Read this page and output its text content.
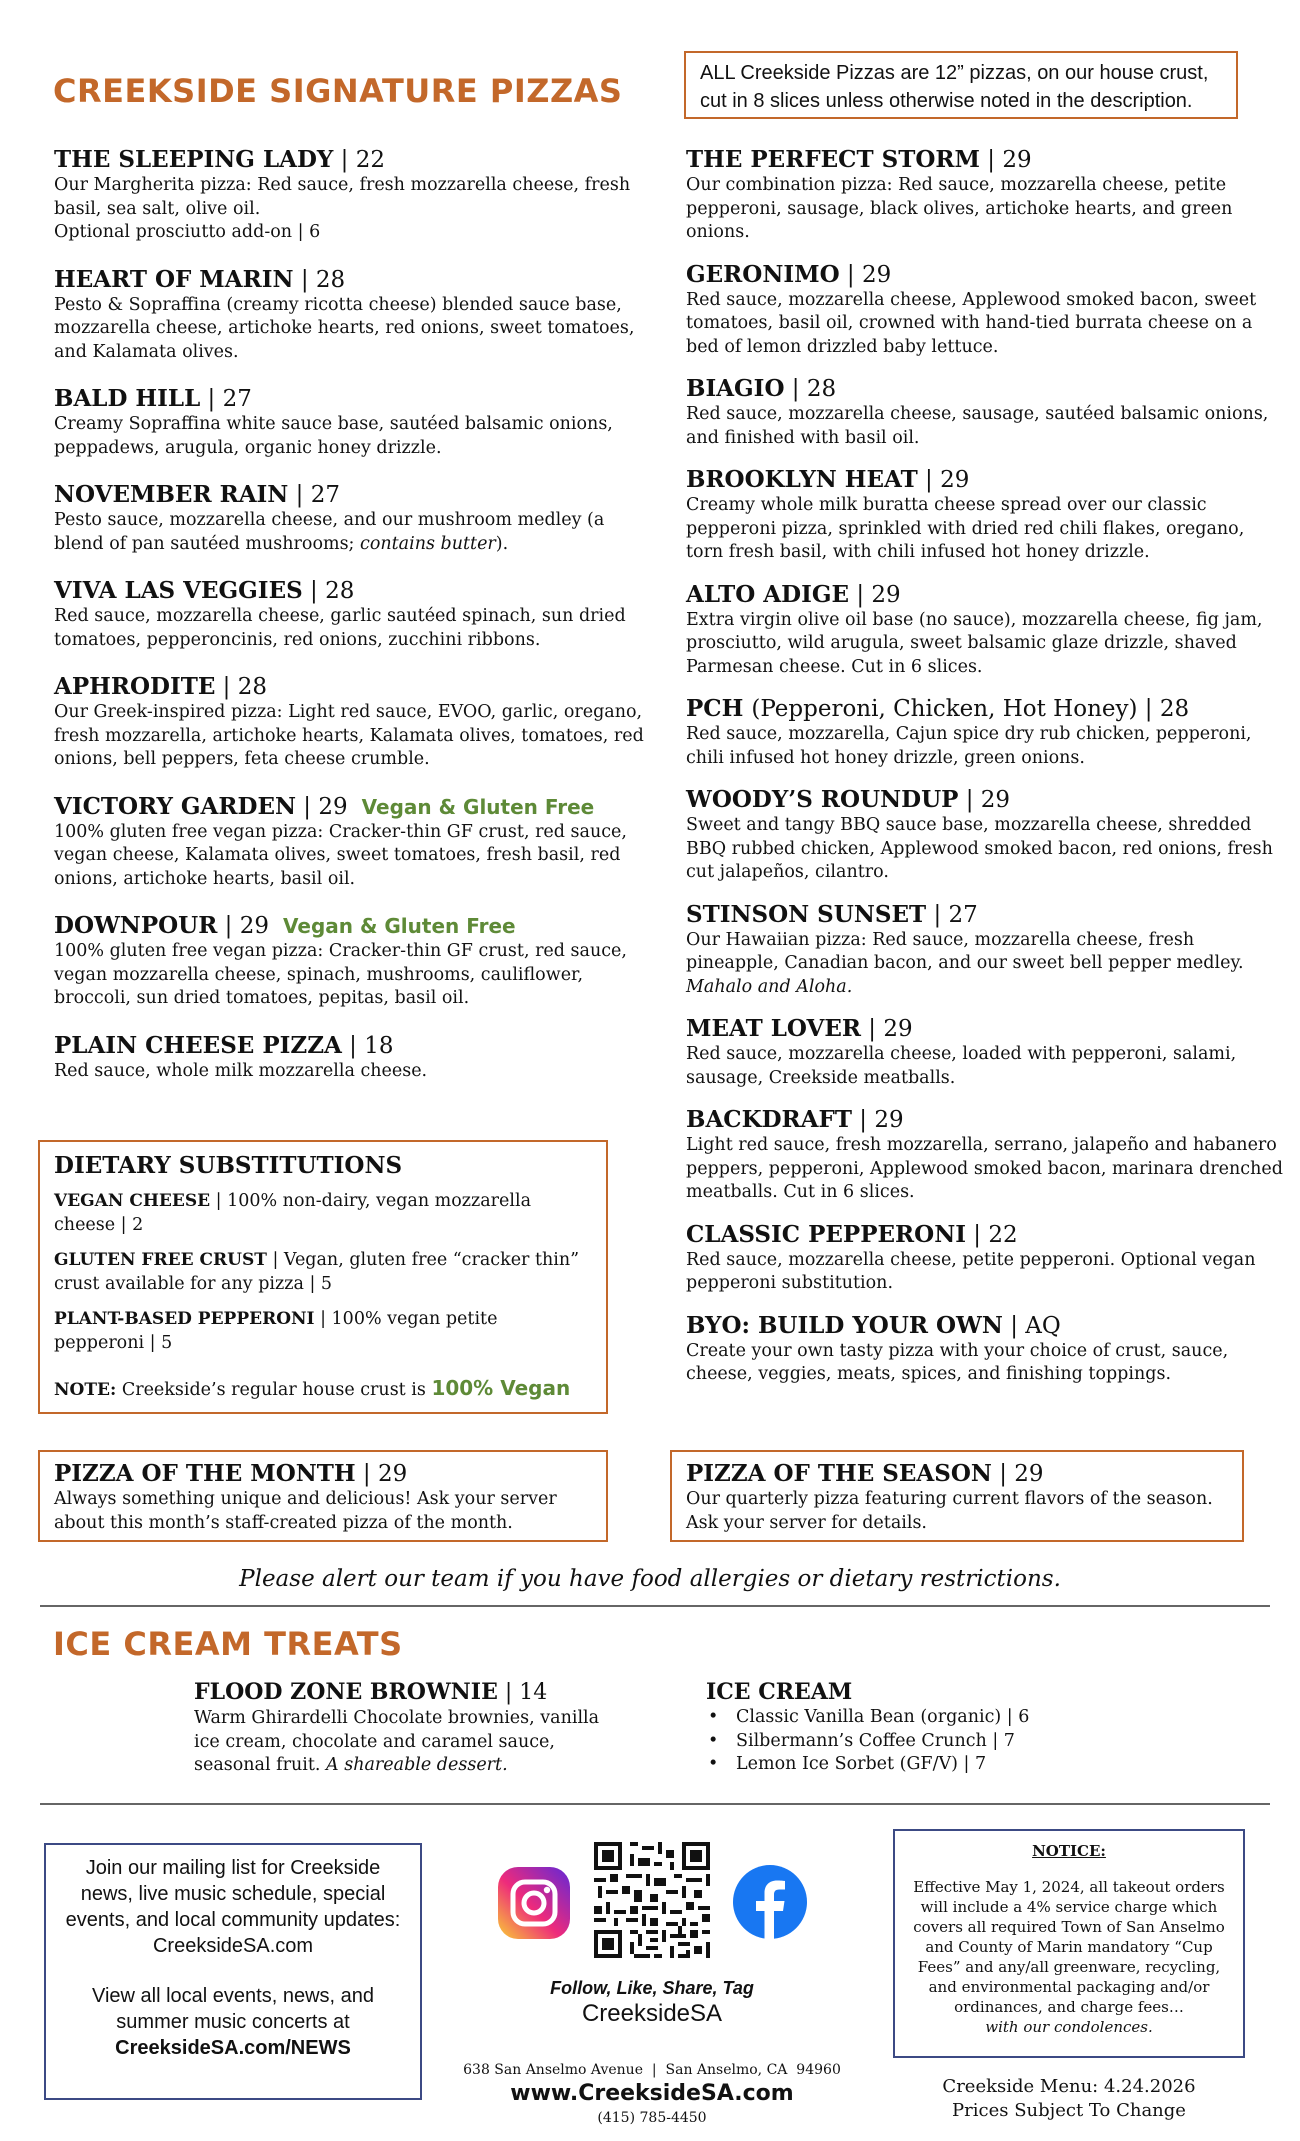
CREEKSIDE SIGNATURE PIZZAS	ALL Creekside Pizzas are 12” pizzas, on our house crust, cut in 8 slices unless otherwise noted in the description.
THE SLEEPING LADY | 22
Our Margherita pizza: Red sauce, fresh mozzarella cheese, fresh basil, sea salt, olive oil.
Optional prosciutto add-on | 6
HEART OF MARIN | 28
Pesto & Sopraffina (creamy ricotta cheese) blended sauce base, mozzarella cheese, artichoke hearts, red onions, sweet tomatoes, and Kalamata olives.
BALD HILL | 27
Creamy Sopraffina white sauce base, sautéed balsamic onions, peppadews, arugula, organic honey drizzle.
NOVEMBER RAIN | 27
Pesto sauce, mozzarella cheese, and our mushroom medley (a blend of pan sautéed mushrooms; contains butter).
VIVA LAS VEGGIES | 28
Red sauce, mozzarella cheese, garlic sautéed spinach, sun dried tomatoes, pepperoncinis, red onions, zucchini ribbons.
APHRODITE | 28
Our Greek-inspired pizza: Light red sauce, EVOO, garlic, oregano, fresh mozzarella, artichoke hearts, Kalamata olives, tomatoes, red onions, bell peppers, feta cheese crumble.
VICTORY GARDEN | 29 Vegan & Gluten Free
100% gluten free vegan pizza: Cracker-thin GF crust, red sauce, vegan cheese, Kalamata olives, sweet tomatoes, fresh basil, red onions, artichoke hearts, basil oil.
DOWNPOUR | 29 Vegan & Gluten Free
100% gluten free vegan pizza: Cracker-thin GF crust, red sauce, vegan mozzarella cheese, spinach, mushrooms, cauliflower, broccoli, sun dried tomatoes, pepitas, basil oil.
PLAIN CHEESE PIZZA | 18
Red sauce, whole milk mozzarella cheese.
DIETARY SUBSTITUTIONS
VEGAN CHEESE | 100% non-dairy, vegan mozzarella cheese | 2
GLUTEN FREE CRUST | Vegan, gluten free “cracker thin” crust available for any pizza | 5
PLANT-BASED PEPPERONI | 100% vegan petite pepperoni | 5
NOTE: Creekside’s regular house crust is 100% Vegan
THE PERFECT STORM | 29
Our combination pizza: Red sauce, mozzarella cheese, petite pepperoni, sausage, black olives, artichoke hearts, and green onions.
GERONIMO | 29
Red sauce, mozzarella cheese, Applewood smoked bacon, sweet tomatoes, basil oil, crowned with hand-tied burrata cheese on a bed of lemon drizzled baby lettuce.
BIAGIO | 28
Red sauce, mozzarella cheese, sausage, sautéed balsamic onions, and finished with basil oil.
BROOKLYN HEAT | 29
Creamy whole milk buratta cheese spread over our classic pepperoni pizza, sprinkled with dried red chili flakes, oregano, torn fresh basil, with chili infused hot honey drizzle.
ALTO ADIGE | 29
Extra virgin olive oil base (no sauce), mozzarella cheese, fig jam, prosciutto, wild arugula, sweet balsamic glaze drizzle, shaved Parmesan cheese. Cut in 6 slices.
PCH (Pepperoni, Chicken, Hot Honey) | 28
Red sauce, mozzarella, Cajun spice dry rub chicken, pepperoni, chili infused hot honey drizzle, green onions.
WOODY’S ROUNDUP | 29
Sweet and tangy BBQ sauce base, mozzarella cheese, shredded BBQ rubbed chicken, Applewood smoked bacon, red onions, fresh cut jalapeños, cilantro.
STINSON SUNSET | 27
Our Hawaiian pizza: Red sauce, mozzarella cheese, fresh pineapple, Canadian bacon, and our sweet bell pepper medley. Mahalo and Aloha.
MEAT LOVER | 29
Red sauce, mozzarella cheese, loaded with pepperoni, salami, sausage, Creekside meatballs.
BACKDRAFT | 29
Light red sauce, fresh mozzarella, serrano, jalapeño and habanero peppers, pepperoni, Applewood smoked bacon, marinara drenched meatballs. Cut in 6 slices.
CLASSIC PEPPERONI | 22
Red sauce, mozzarella cheese, petite pepperoni. Optional vegan pepperoni substitution.
BYO: BUILD YOUR OWN | AQ
Create your own tasty pizza with your choice of crust, sauce, cheese, veggies, meats, spices, and finishing toppings.
PIZZA OF THE MONTH | 29
Always something unique and delicious! Ask your server about this month’s staff-created pizza of the month.
PIZZA OF THE SEASON | 29
Our quarterly pizza featuring current flavors of the season. Ask your server for details.
Please alert our team if you have food allergies or dietary restrictions.
ICE CREAM TREATS
FLOOD ZONE BROWNIE | 14
Warm Ghirardelli Chocolate brownies, vanilla ice cream, chocolate and caramel sauce, seasonal fruit. A shareable dessert.
ICE CREAM
• Classic Vanilla Bean (organic) | 6
• Silbermann’s Coffee Crunch | 7
• Lemon Ice Sorbet (GF/V) | 7
Join our mailing list for Creekside news, live music schedule, special events, and local community updates:
CreeksideSA.com
View all local events, news, and summer music concerts at
CreeksideSA.com/NEWS
Follow, Like, Share, Tag
CreeksideSA
638 San Anselmo Avenue  |  San Anselmo, CA  94960
www.CreeksideSA.com
(415) 785-4450
NOTICE:
Effective May 1, 2024, all takeout orders will include a 4% service charge which covers all required Town of San Anselmo and County of Marin mandatory “Cup Fees” and any/all greenware, recycling, and environmental packaging and/or ordinances, and charge fees…
with our condolences.
Creekside Menu: 4.24.2026
Prices Subject To Change
